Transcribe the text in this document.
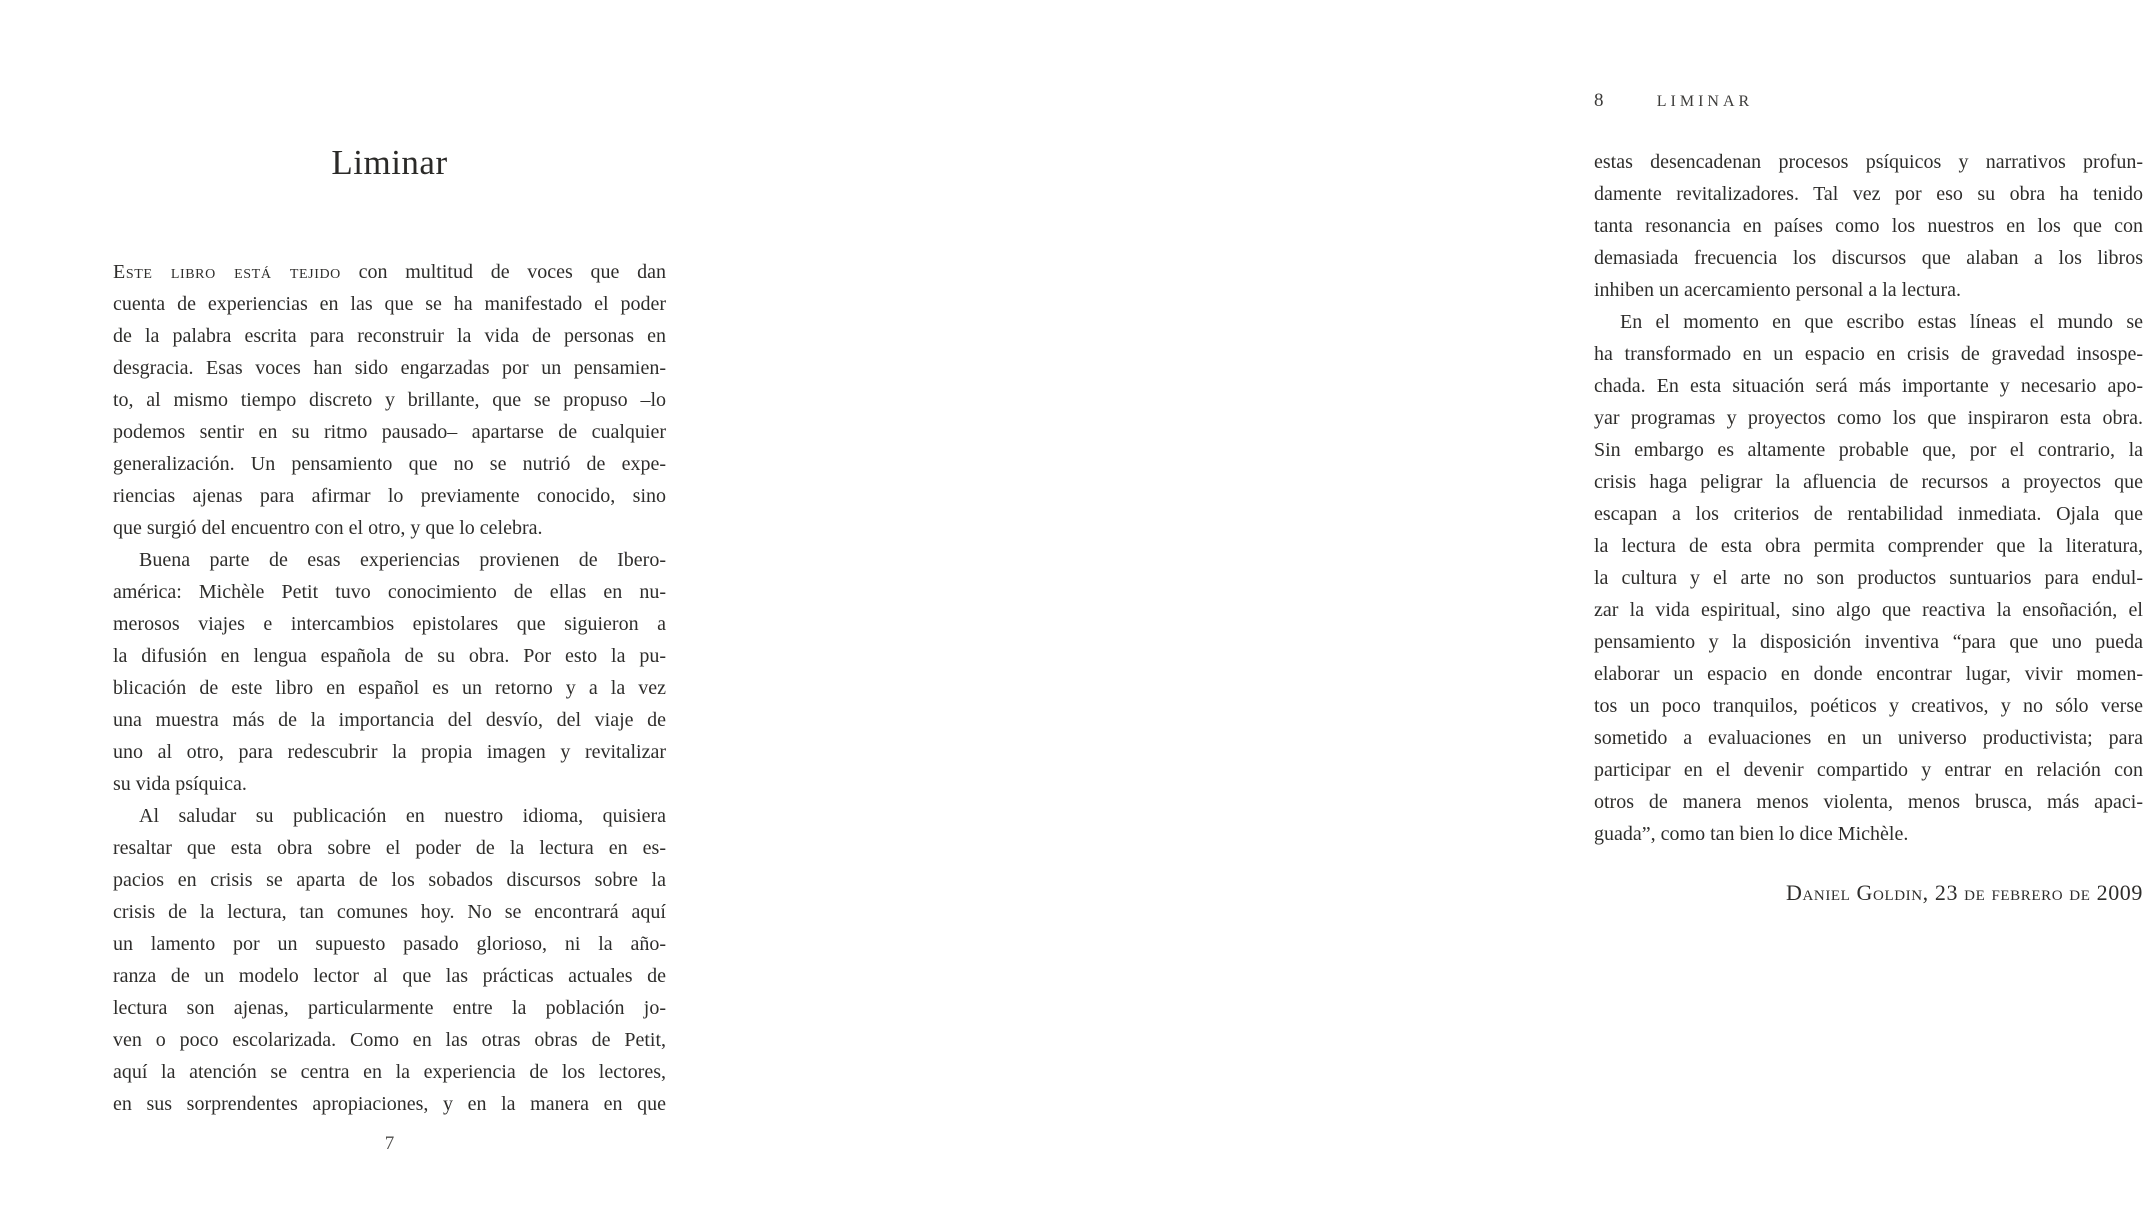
Liminar
Este libro está tejido con multitud de voces que dan
cuenta de experiencias en las que se ha manifestado el poder
de la palabra escrita para reconstruir la vida de personas en
desgracia. Esas voces han sido engarzadas por un pensamien-
to, al mismo tiempo discreto y brillante, que se propuso –lo
podemos sentir en su ritmo pausado– apartarse de cualquier
generalización. Un pensamiento que no se nutrió de expe-
riencias ajenas para afirmar lo previamente conocido, sino
que surgió del encuentro con el otro, y que lo celebra.
Buena parte de esas experiencias provienen de Ibero-
américa: Michèle Petit tuvo conocimiento de ellas en nu-
merosos viajes e intercambios epistolares que siguieron a
la difusión en lengua española de su obra. Por esto la pu-
blicación de este libro en español es un retorno y a la vez
una muestra más de la importancia del desvío, del viaje de
uno al otro, para redescubrir la propia imagen y revitalizar
su vida psíquica.
Al saludar su publicación en nuestro idioma, quisiera
resaltar que esta obra sobre el poder de la lectura en es-
pacios en crisis se aparta de los sobados discursos sobre la
crisis de la lectura, tan comunes hoy. No se encontrará aquí
un lamento por un supuesto pasado glorioso, ni la año-
ranza de un modelo lector al que las prácticas actuales de
lectura son ajenas, particularmente entre la población jo-
ven o poco escolarizada. Como en las otras obras de Petit,
aquí la atención se centra en la experiencia de los lectores,
en sus sorprendentes apropiaciones, y en la manera en que
7
8	LIMINAR
estas desencadenan procesos psíquicos y narrativos profun-
damente revitalizadores. Tal vez por eso su obra ha tenido
tanta resonancia en países como los nuestros en los que con
demasiada frecuencia los discursos que alaban a los libros
inhiben un acercamiento personal a la lectura.
En el momento en que escribo estas líneas el mundo se
ha transformado en un espacio en crisis de gravedad insospe-
chada. En esta situación será más importante y necesario apo-
yar programas y proyectos como los que inspiraron esta obra.
Sin embargo es altamente probable que, por el contrario, la
crisis haga peligrar la afluencia de recursos a proyectos que
escapan a los criterios de rentabilidad inmediata. Ojala que
la lectura de esta obra permita comprender que la literatura,
la cultura y el arte no son productos suntuarios para endul-
zar la vida espiritual, sino algo que reactiva la ensoñación, el
pensamiento y la disposición inventiva “para que uno pueda
elaborar un espacio en donde encontrar lugar, vivir momen-
tos un poco tranquilos, poéticos y creativos, y no sólo verse
sometido a evaluaciones en un universo productivista; para
participar en el devenir compartido y entrar en relación con
otros de manera menos violenta, menos brusca, más apaci-
guada”, como tan bien lo dice Michèle.
Daniel Goldin, 23 de febrero de 2009
